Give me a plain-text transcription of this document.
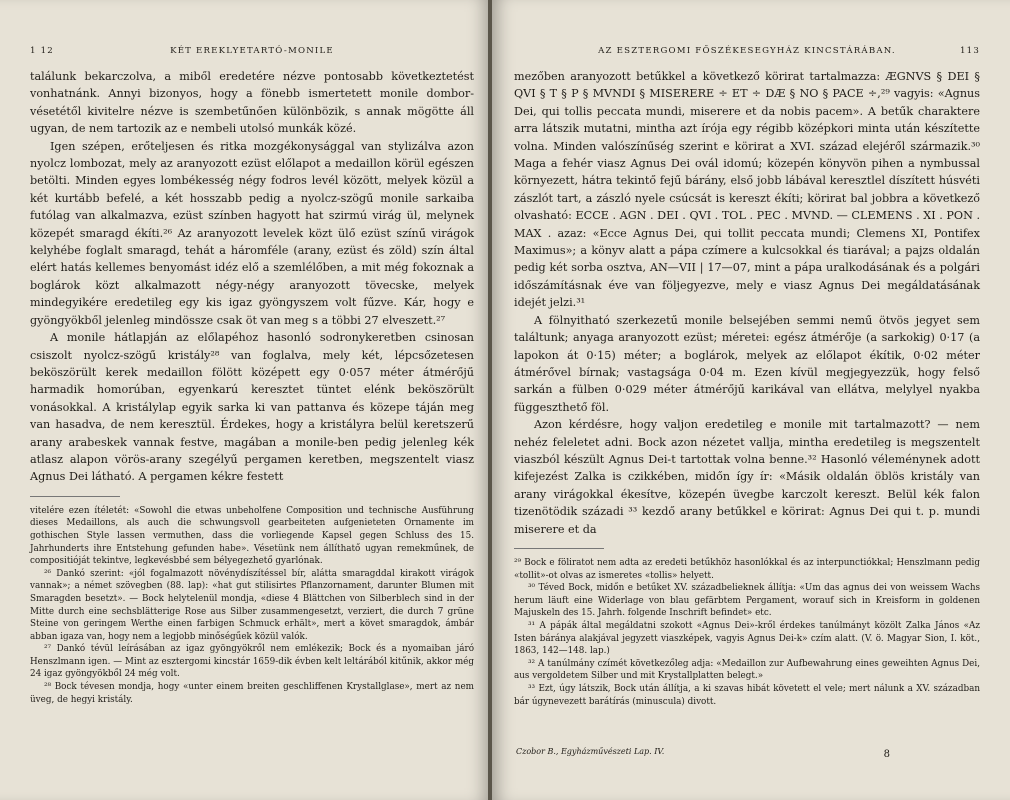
1 12	KÉT EREKLYETARTÓ-MONILE

találunk bekarczolva, a miből eredetére nézve pontosabb következtetést vonhatnánk. Annyi bizonyos, hogy a fönebb ismertetett monile dombor-vésetétől kivitelre nézve is szembetűnően különbözik, s annak mögötte áll ugyan, de nem tartozik az e nembeli utolsó munkák közé.

Igen szépen, erőteljesen és ritka mozgékonysággal van stylizálva azon nyolcz lombozat, mely az aranyozott ezüst előlapot a medaillon körül egészen betölti. Minden egyes lombékesség négy fodros levél között, melyek közül a két kurtább befelé, a két hosszabb pedig a nyolcz-szögű monile sarkaiba futólag van alkalmazva, ezüst színben hagyott hat szirmú virág ül, melynek közepét smaragd ékíti.²⁶ Az aranyozott levelek közt ülő ezüst színű virágok kelyhébe foglalt smaragd, tehát a háromféle (arany, ezüst és zöld) szín által elért hatás kellemes benyomást idéz elő a szemlélőben, a mit még fokoznak a boglárok közt alkalmazott négy-négy aranyozott tövecske, melyek mindegyikére eredetileg egy kis igaz gyöngyszem volt fűzve. Kár, hogy e gyöngyökből jelenleg mindössze csak öt van meg s a többi 27 elveszett.²⁷

A monile hátlapján az előlapéhoz hasonló sodronykeretben csinosan csiszolt nyolcz-szögű kristály²⁸ van foglalva, mely két, lépcsőzetesen beköszörült kerek medaillon fölött középett egy 0·057 méter átmérőjű harmadik homorúban, egyenkarú keresztet tüntet elénk beköszörült vonásokkal. A kristálylap egyik sarka ki van pattanva és közepe táján meg van hasadva, de nem keresztül. Érdekes, hogy a kristályra belül keretszerű arany arabeskek vannak festve, magában a monile-ben pedig jelenleg kék atlasz alapon vörös-arany szegélyű pergamen keretben, megszentelt viasz Agnus Dei látható. A pergamen kékre festett

vitelére ezen ítéletét: «Sowohl die etwas unbeholfene Composition und technische Ausführung dieses Medaillons, als auch die schwungsvoll gearbeiteten aufgenieteten Ornamente im gothischen Style lassen vermuthen, dass die vorliegende Kapsel gegen Schluss des 15. Jahrhunderts ihre Entstehung gefunden habe». Vésetünk nem állíthatő ugyan remekműnek, de compositióját tekintve, legkevésbbé sem bélyegezhető gyarlónak.

²⁶ Dankó szerint: «jól fogalmazott növénydíszítéssel bír, alátta smaragddal kirakott virágok vannak»; a német szövegben (88. lap): «hat gut stilisirtes Pflanzornament, darunter Blumen mit Smaragden besetzt». — Bock helytelenül mondja, «diese 4 Blättchen von Silberblech sind in der Mitte durch eine sechsblätterige Rose aus Silber zusammengesetzt, verziert, die durch 7 grüne Steine von geringem Werthe einen farbigen Schmuck erhält», mert a követ smaragdok, ámbár abban igaza van, hogy nem a legjobb minőségűek közül valók.

²⁷ Dankó tévül leírásában az igaz gyöngyökről nem emlékezik; Bock és a nyomaiban járó Henszlmann igen. — Mint az esztergomi kincstár 1659-dik évben kelt leltárából kitűnik, akkor még 24 igaz gyöngyökből 24 még volt.

²⁸ Bock tévesen mondja, hogy «unter einem breiten geschliffenen Krystallglase», mert az nem üveg, de hegyi kristály.

AZ ESZTERGOMI FŐSZÉKESEGYHÁZ KINCSTÁRÁBAN.	113

mezőben aranyozott betűkkel a következő körirat tartalmazza: ÆGNVS § DEI § QVI § T § P § MVNDI § MISERERE ÷ ET ÷ DÆ § NO § PACE ÷,²⁹ vagyis: «Agnus Dei, qui tollis peccata mundi, miserere et da nobis pacem». A betűk charaktere arra látszik mutatni, mintha azt írója egy régibb középkori minta után készítette volna. Minden valószínűség szerint e körirat a XVI. század elejéről származik.³⁰ Maga a fehér viasz Agnus Dei ovál idomú; közepén könyvön pihen a nymbussal környezett, hátra tekintő fejű bárány, első jobb lábával keresztlel díszített húsvéti zászlót tart, a zászló nyele csúcsát is kereszt ékíti; körirat bal jobbra a következő olvasható: ECCE . AGN . DEI . QVI . TOL . PEC . MVND. — CLEMENS . XI . PON . MAX . azaz: «Ecce Agnus Dei, qui tollit peccata mundi; Clemens XI, Pontifex Maximus»; a könyv alatt a pápa czímere a kulcsokkal és tiarával; a pajzs oldalán pedig két sorba osztva, AN—VII | 17—07, mint a pápa uralkodásának és a polgári időszámításnak éve van följegyezve, mely e viasz Agnus Dei megáldatásának idejét jelzi.³¹

A fölnyitható szerkezetű monile belsejében semmi nemű ötvös jegyet sem találtunk; anyaga aranyozott ezüst; méretei: egész átmérője (a sarkokig) 0·17 (a lapokon át 0·15) méter; a boglárok, melyek az előlapot ékítik, 0·02 méter átmérővel bírnak; vastagsága 0·04 m. Ezen kívül megjegyezzük, hogy felső sarkán a fülben 0·029 méter átmérőjű karikával van ellátva, melylyel nyakba függeszthető föl.

Azon kérdésre, hogy valjon eredetileg e monile mit tartalmazott? — nem nehéz feleletet adni. Bock azon nézetet vallja, mintha eredetileg is megszentelt viaszból készült Agnus Dei-t tartottak volna benne.³² Hasonló véleménynek adott kifejezést Zalka is czikkében, midőn így ír: «Másik oldalán öblös kristály van arany virágokkal ékesítve, közepén üvegbe karczolt kereszt. Belül kék falon tizenötödik századi ³³ kezdő arany betűkkel e körirat: Agnus Dei qui t. p. mundi miserere et da

²⁹ Bock e föliratot nem adta az eredeti betűkhöz hasonlókkal és az interpunctiókkal; Henszlmann pedig «tollit»-ot olvas az ismeretes «tollis» helyett.

³⁰ Téved Bock, midőn e betűket XV. századbelieknek állítja: «Um das agnus dei von weissem Wachs herum läuft eine Widerlage von blau gefärbtem Pergament, worauf sich in Kreisform in goldenen Majuskeln des 15. Jahrh. folgende Inschrift befindet» etc.

³¹ A pápák által megáldatni szokott «Agnus Dei»-kről érdekes tanúlmányt közölt Zalka János «Az Isten báránya alakjával jegyzett viaszképek, vagyis Agnus Dei-k» czím alatt. (V. ö. Magyar Sion, I. köt., 1863, 142—148. lap.)

³² A tanúlmány czímét következőleg adja: «Medaillon zur Aufbewahrung eines geweihten Agnus Dei, aus vergoldetem Silber und mit Krystallplatten belegt.»

³³ Ezt, úgy látszik, Bock után állítja, a ki szavas hibát követett el vele; mert nálunk a XV. században bár úgynevezett barátírás (minuscula) divott.

Czobor B., Egyházművészeti Lap. IV.	8
